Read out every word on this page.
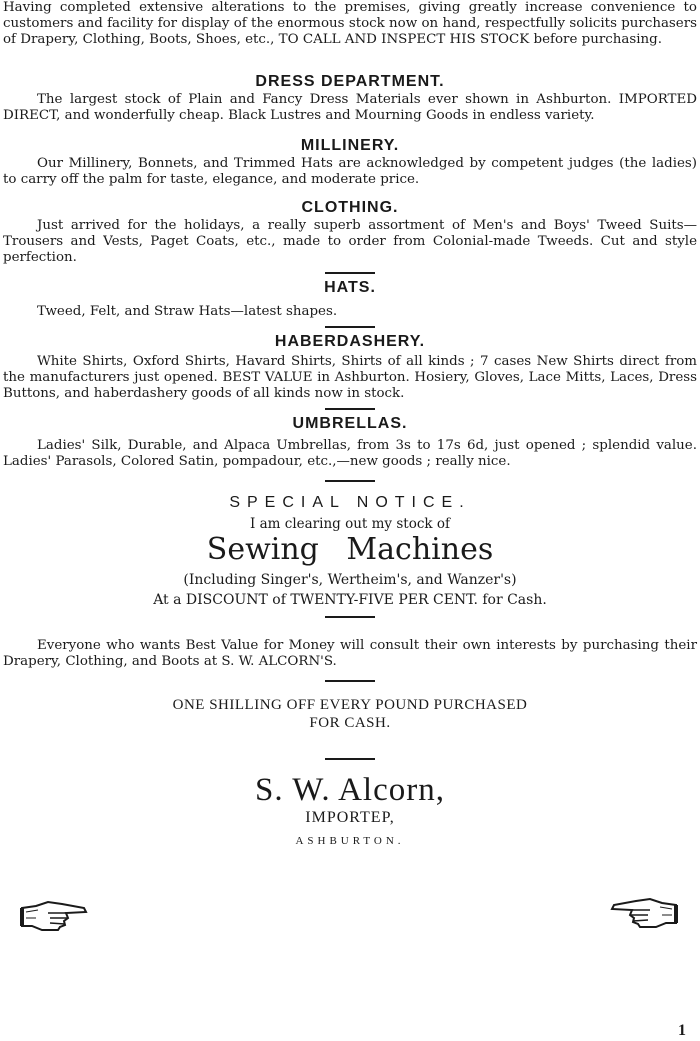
Having completed extensive alterations to the premises, giving greatly increase convenience to customers and facility for display of the enormous stock now on hand, respectfully solicits purchasers of Drapery, Clothing, Boots, Shoes, etc., TO CALL AND INSPECT HIS STOCK before purchasing.

DRESS DEPARTMENT.

The largest stock of Plain and Fancy Dress Materials ever shown in Ashburton. IMPORTED DIRECT, and wonderfully cheap. Black Lustres and Mourning Goods in endless variety.

MILLINERY.

Our Millinery, Bonnets, and Trimmed Hats are acknowledged by competent judges (the ladies) to carry off the palm for taste, elegance, and moderate price.

CLOTHING.

Just arrived for the holidays, a really superb assortment of Men's and Boys' Tweed Suits—Trousers and Vests, Paget Coats, etc., made to order from Colonial-made Tweeds. Cut and style perfection.

HATS.

Tweed, Felt, and Straw Hats—latest shapes.

HABERDASHERY.

White Shirts, Oxford Shirts, Havard Shirts, Shirts of all kinds ; 7 cases New Shirts direct from the manufacturers just opened. BEST VALUE in Ashburton. Hosiery, Gloves, Lace Mitts, Laces, Dress Buttons, and haberdashery goods of all kinds now in stock.

UMBRELLAS.

Ladies' Silk, Durable, and Alpaca Umbrellas, from 3s to 17s 6d, just opened ; splendid value. Ladies' Parasols, Colored Satin, pompadour, etc.,—new goods ; really nice.

SPECIAL NOTICE.
I am clearing out my stock of
Sewing Machines
(Including Singer's, Wertheim's, and Wanzer's)
At a DISCOUNT of TWENTY-FIVE PER CENT. for Cash.

Everyone who wants Best Value for Money will consult their own interests by purchasing their Drapery, Clothing, and Boots at S. W. ALCORN'S.

ONE SHILLING OFF EVERY POUND PURCHASED
FOR CASH.
S. W. Alcorn,
IMPORTEP,
ASHBURTON.
1
